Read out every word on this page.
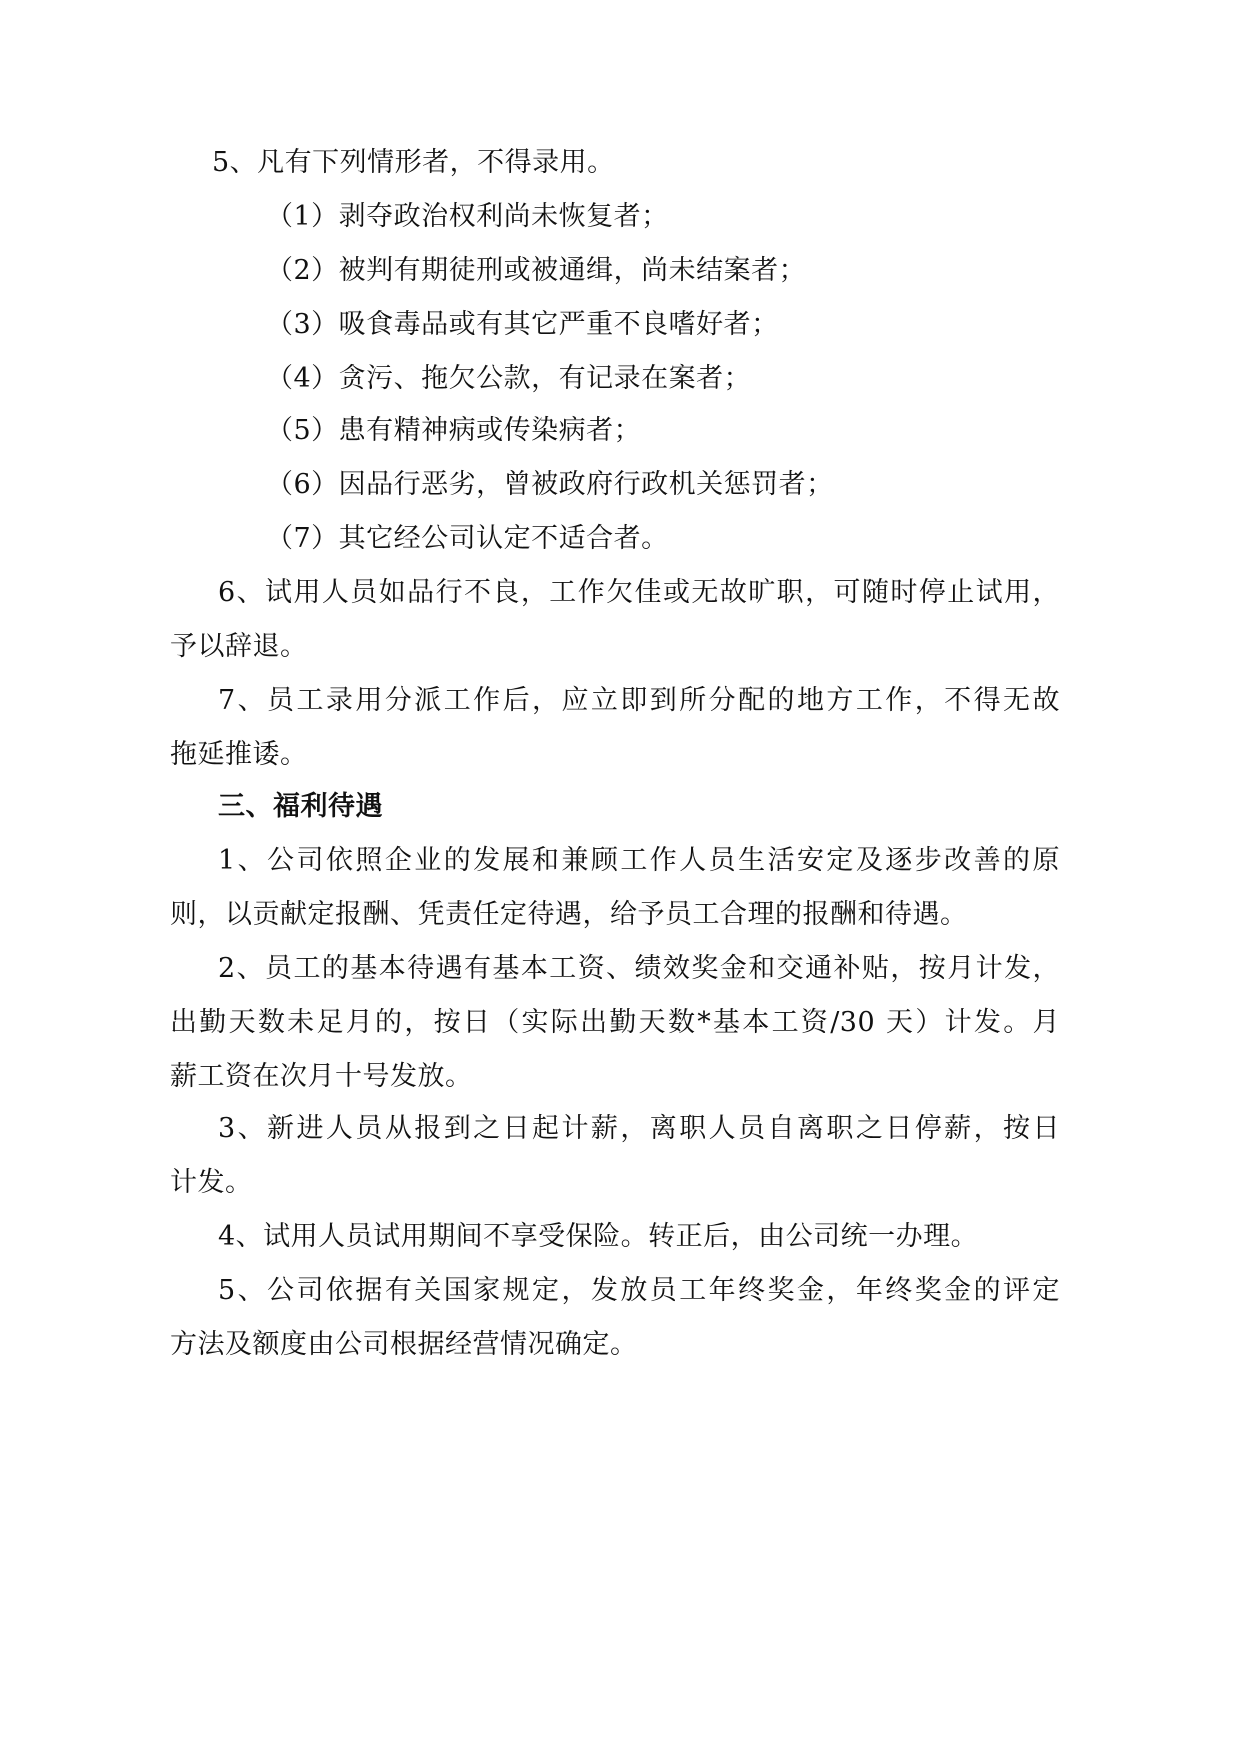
5、凡有下列情形者，不得录用。
（1）剥夺政治权利尚未恢复者；
（2）被判有期徒刑或被通缉，尚未结案者；
（3）吸食毒品或有其它严重不良嗜好者；
（4）贪污、拖欠公款，有记录在案者；
（5）患有精神病或传染病者；
（6）因品行恶劣，曾被政府行政机关惩罚者；
（7）其它经公司认定不适合者。
6、试用人员如品行不良，工作欠佳或无故旷职，可随时停止试用，
予以辞退。
7、员工录用分派工作后，应立即到所分配的地方工作，不得无故
拖延推诿。
三、福利待遇
1、公司依照企业的发展和兼顾工作人员生活安定及逐步改善的原
则，以贡献定报酬、凭责任定待遇，给予员工合理的报酬和待遇。
2、员工的基本待遇有基本工资、绩效奖金和交通补贴，按月计发，
出勤天数未足月的，按日（实际出勤天数*基本工资/30 天）计发。月
薪工资在次月十号发放。
3、新进人员从报到之日起计薪，离职人员自离职之日停薪，按日
计发。
4、试用人员试用期间不享受保险。转正后，由公司统一办理。
5、公司依据有关国家规定，发放员工年终奖金，年终奖金的评定
方法及额度由公司根据经营情况确定。
